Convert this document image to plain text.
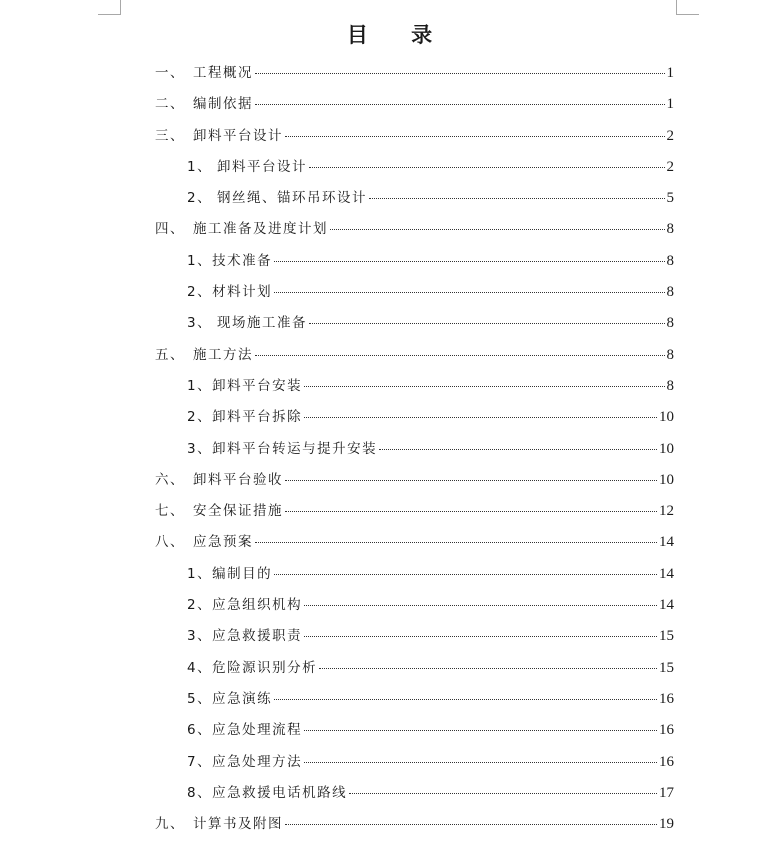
目 录
一、 工程概况	1
二、 编制依据	1
三、 卸料平台设计	2
1、 卸料平台设计	2
2、 钢丝绳、锚环吊环设计	5
四、 施工准备及进度计划	8
1、 技术准备	8
2、 材料计划	8
3、 现场施工准备	8
五、 施工方法	8
1、 卸料平台安装	8
2、 卸料平台拆除	10
3、 卸料平台转运与提升安装	10
六、 卸料平台验收	10
七、 安全保证措施	12
八、 应急预案	14
1、 编制目的	14
2、 应急组织机构	14
3、 应急救援职责	15
4、 危险源识别分析	15
5、 应急演练	16
6、 应急处理流程	16
7、 应急处理方法	16
8、 应急救援电话机路线	17
九、 计算书及附图	19
